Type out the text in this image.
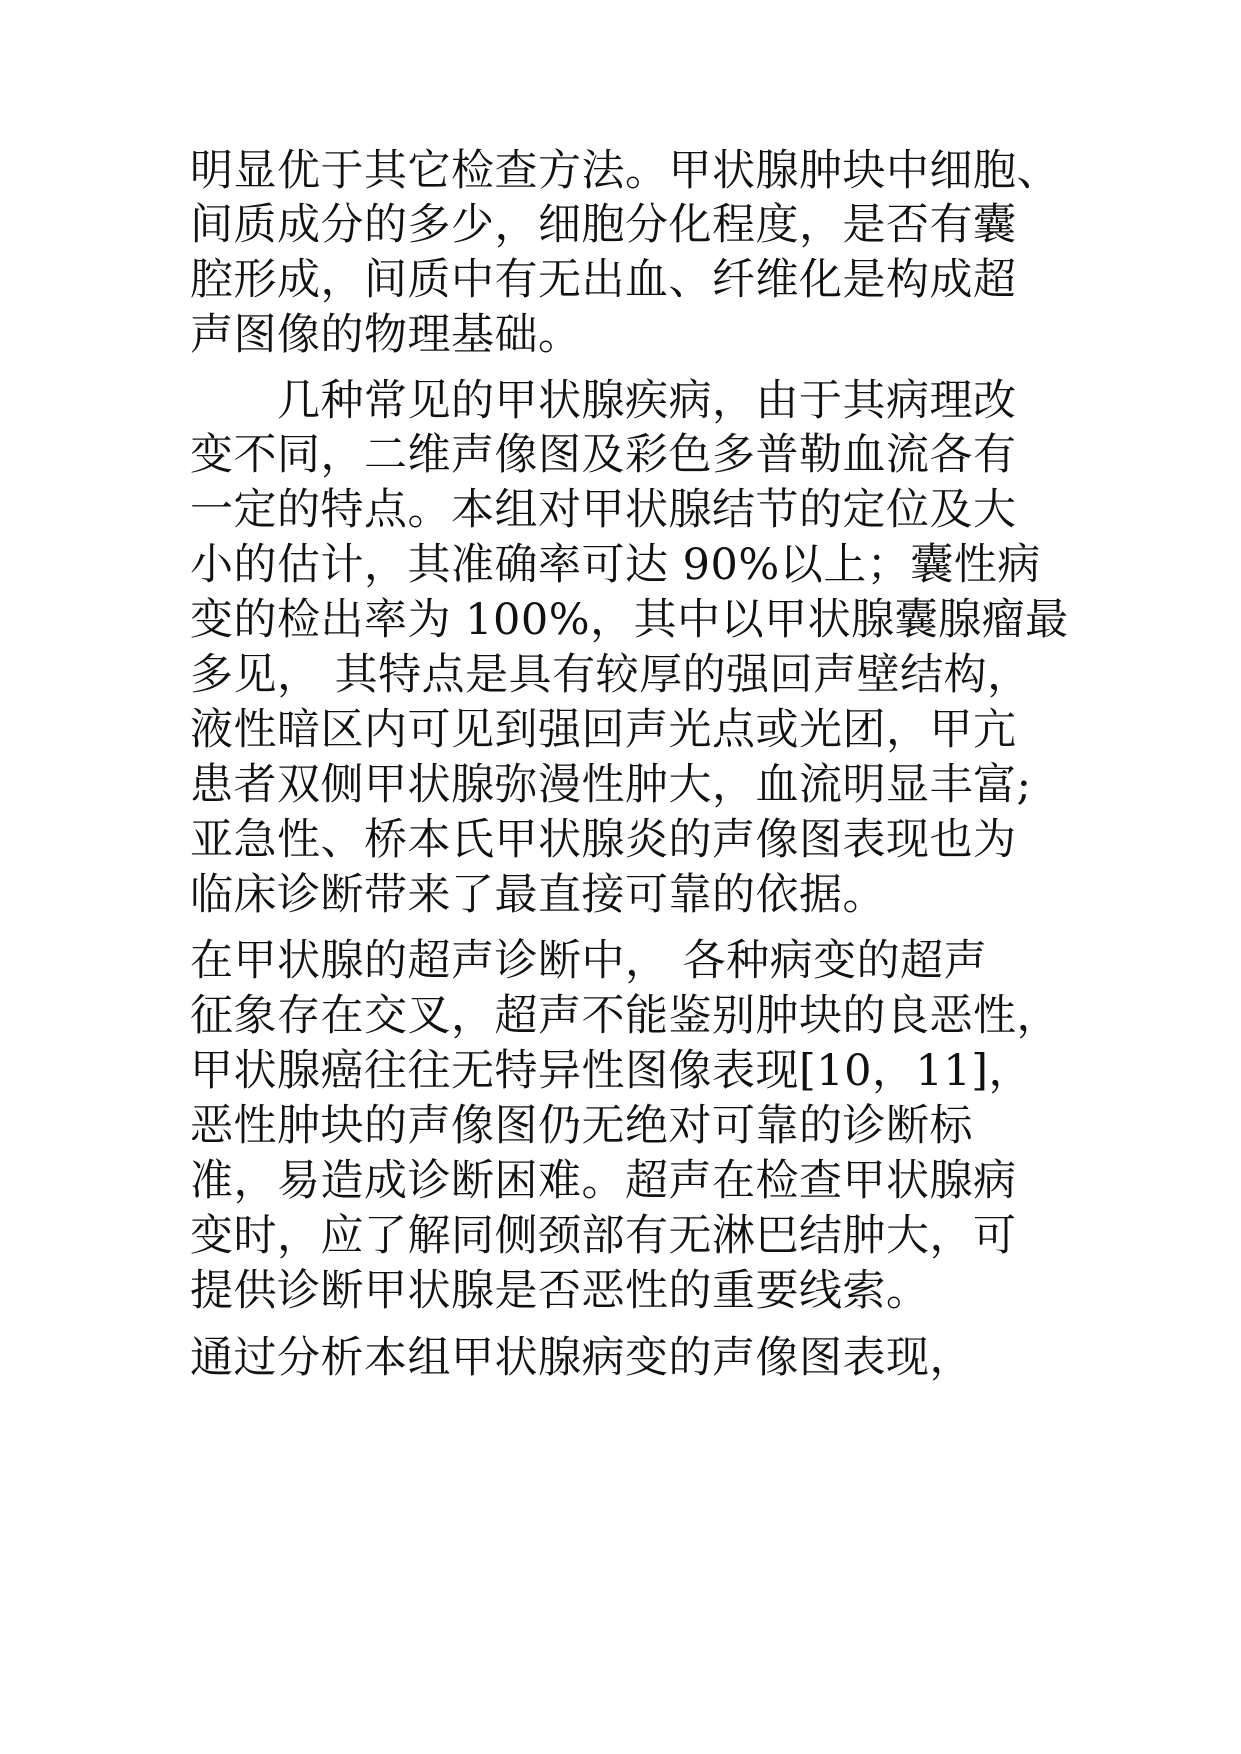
明显优于其它检查方法。甲状腺肿块中细胞、
间质成分的多少，细胞分化程度，是否有囊
腔形成，间质中有无出血、纤维化是构成超
声图像的物理基础。
　　几种常见的甲状腺疾病，由于其病理改
变不同，二维声像图及彩色多普勒血流各有
一定的特点。本组对甲状腺结节的定位及大
小的估计，其准确率可达 90%以上；囊性病
变的检出率为 100%，其中以甲状腺囊腺瘤最
多见， 其特点是具有较厚的强回声壁结构，
液性暗区内可见到强回声光点或光团，甲亢
患者双侧甲状腺弥漫性肿大，血流明显丰富;
亚急性、桥本氏甲状腺炎的声像图表现也为
临床诊断带来了最直接可靠的依据。
在甲状腺的超声诊断中， 各种病变的超声
征象存在交叉，超声不能鉴别肿块的良恶性，
甲状腺癌往往无特异性图像表现[10，11]，
恶性肿块的声像图仍无绝对可靠的诊断标
准，易造成诊断困难。超声在检查甲状腺病
变时，应了解同侧颈部有无淋巴结肿大，可
提供诊断甲状腺是否恶性的重要线索。
通过分析本组甲状腺病变的声像图表现，
